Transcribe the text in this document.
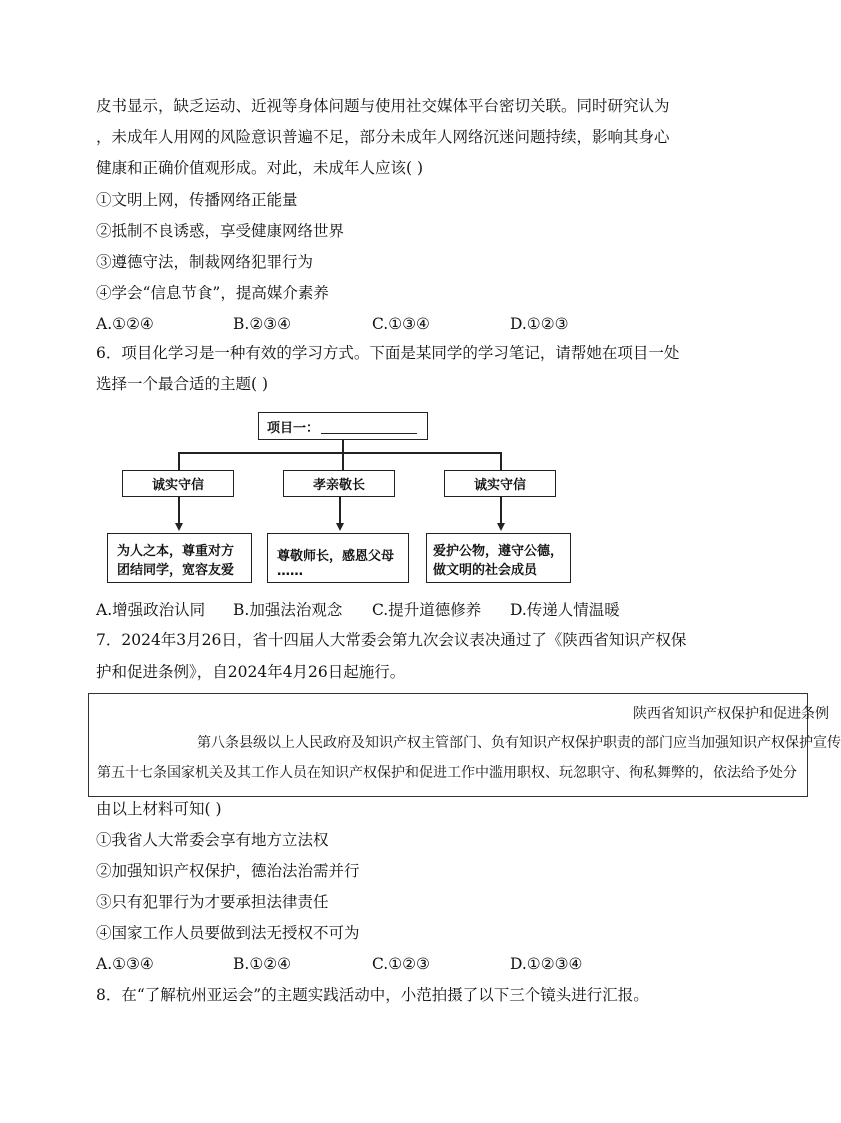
皮书显示，缺乏运动、近视等身体问题与使用社交媒体平台密切关联。同时研究认为
，未成年人用网的风险意识普遍不足，部分未成年人网络沉迷问题持续，影响其身心
健康和正确价值观形成。对此，未成年人应该( )
①文明上网，传播网络正能量
②抵制不良诱惑，享受健康网络世界
③遵德守法，制裁网络犯罪行为
④学会“信息节食”，提高媒介素养
A.①②④	B.②③④	C.①③④	D.①②③
6．项目化学习是一种有效的学习方式。下面是某同学的学习笔记，请帮她在项目一处
选择一个最合适的主题( )
项目一：
诚实守信	孝亲敬长	诚实守信
为人之本，尊重对方
团结同学，宽容友爱
尊敬师长，感恩父母
……
爱护公物，遵守公德，
做文明的社会成员
A.增强政治认同 B.加强法治观念 C.提升道德修养 D.传递人情温暖
7．2024年3月26日，省十四届人大常委会第九次会议表决通过了《陕西省知识产权保
护和促进条例》，自2024年4月26日起施行。
陕西省知识产权保护和促进条例
第八条县级以上人民政府及知识产权主管部门、负有知识产权保护职责的部门应当加强知识产权保护宣传
第五十七条国家机关及其工作人员在知识产权保护和促进工作中滥用职权、玩忽职守、徇私舞弊的，依法给予处分
由以上材料可知( )
①我省人大常委会享有地方立法权
②加强知识产权保护，德治法治需并行
③只有犯罪行为才要承担法律责任
④国家工作人员要做到法无授权不可为
A.①③④	B.①②④	C.①②③	D.①②③④
8．在“了解杭州亚运会”的主题实践活动中，小范拍摄了以下三个镜头进行汇报。
